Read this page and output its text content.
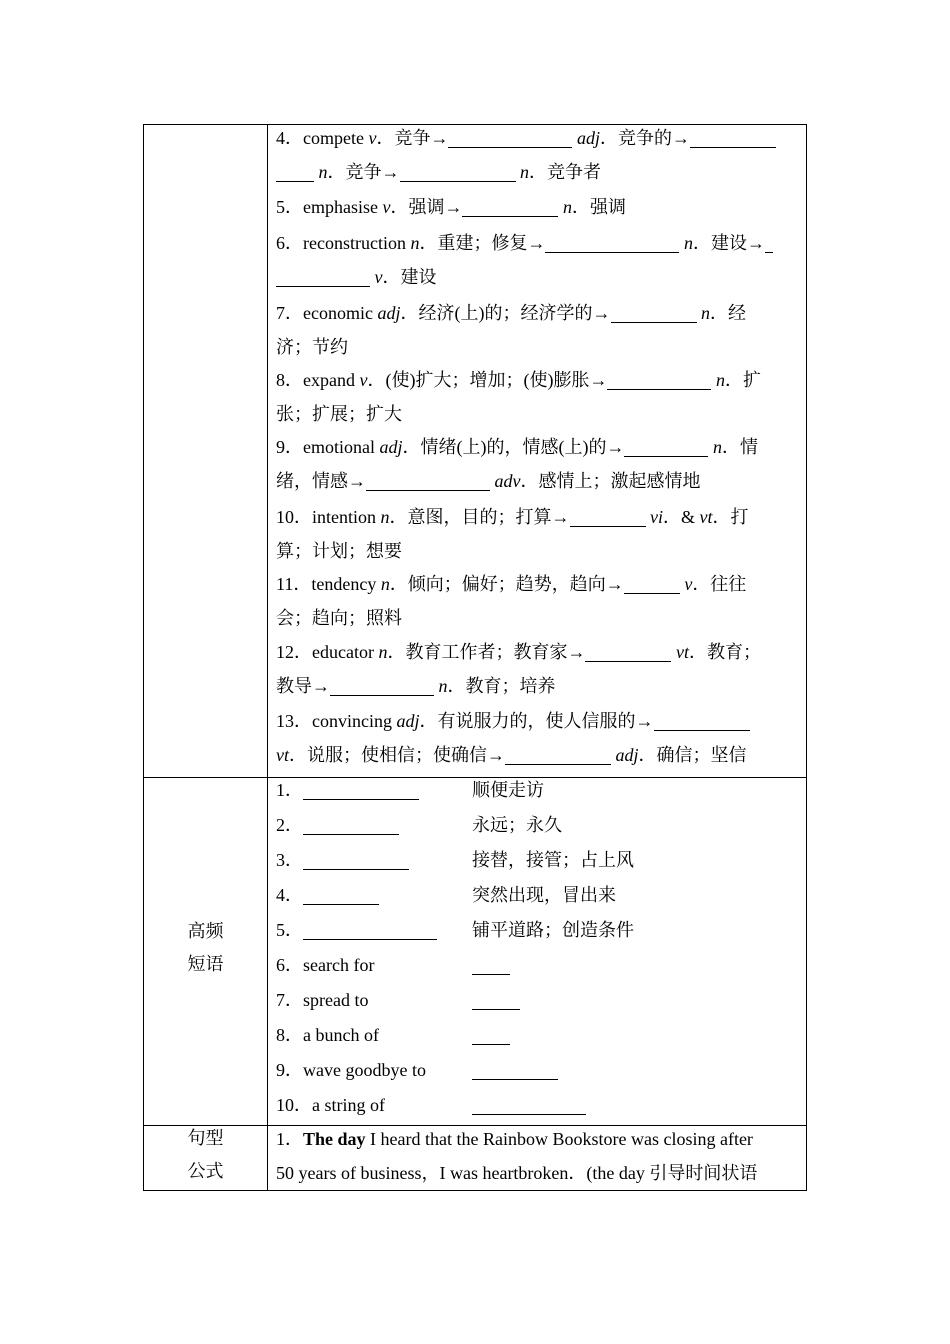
4．compete v．竞争→	adj．竞争的→
n．竞争→	n．竞争者
5．emphasise v．强调→	n．强调
6．reconstruction n．重建；修复→	n．建设→
v．建设
7．economic adj．经济(上)的；经济学的→	n．经
济；节约
8．expand v．(使)扩大；增加；(使)膨胀→	n．扩
张；扩展；扩大
9．emotional adj．情绪(上)的，情感(上)的→	n．情
绪，情感→	adv．感情上；激起感情地
10．intention n．意图，目的；打算→	vi．& vt．打
算；计划；想要
11．tendency n．倾向；偏好；趋势，趋向→	v．往往
会；趋向；照料
12．educator n．教育工作者；教育家→	vt．教育；
教导→	n．教育；培养
13．convincing adj．有说服力的，使人信服的→
vt．说服；使相信；使确信→	adj．确信；坚信
高频
短语
1．	顺便走访
2．	永远；永久
3．	接替，接管；占上风
4．	突然出现，冒出来
5．	铺平道路；创造条件
6．search for
7．spread to
8．a bunch of
9．wave goodbye to
10．a string of
句型
公式
1．The day I heard that the Rainbow Bookstore was closing after
50 years of business，I was heartbroken．(the day 引导时间状语
